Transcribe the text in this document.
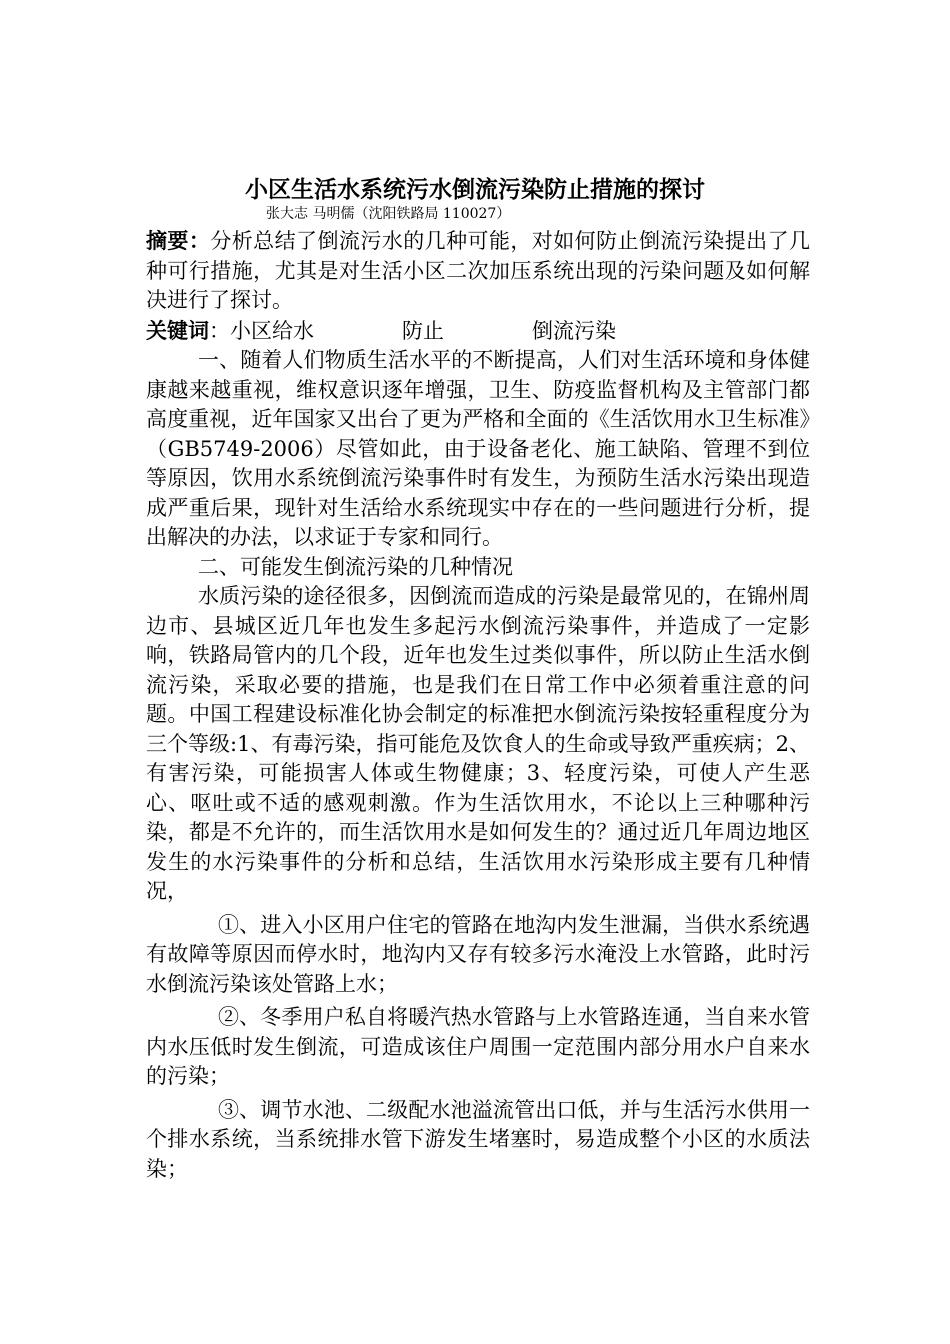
小区生活水系统污水倒流污染防止措施的探讨
张大志 马明儒（沈阳铁路局 110027）

摘要：分析总结了倒流污水的几种可能，对如何防止倒流污染提出了几种可行措施，尤其是对生活小区二次加压系统出现的污染问题及如何解决进行了探讨。

关键词：小区给水	防止	倒流污染

一、随着人们物质生活水平的不断提高，人们对生活环境和身体健康越来越重视，维权意识逐年增强，卫生、防疫监督机构及主管部门都高度重视，近年国家又出台了更为严格和全面的《生活饮用水卫生标准》（GB5749-2006）尽管如此，由于设备老化、施工缺陷、管理不到位等原因，饮用水系统倒流污染事件时有发生，为预防生活水污染出现造成严重后果，现针对生活给水系统现实中存在的一些问题进行分析，提出解决的办法，以求证于专家和同行。

二、可能发生倒流污染的几种情况

水质污染的途径很多，因倒流而造成的污染是最常见的，在锦州周边市、县城区近几年也发生多起污水倒流污染事件，并造成了一定影响，铁路局管内的几个段，近年也发生过类似事件，所以防止生活水倒流污染，采取必要的措施，也是我们在日常工作中必须着重注意的问题。中国工程建设标准化协会制定的标准把水倒流污染按轻重程度分为三个等级:1、有毒污染，指可能危及饮食人的生命或导致严重疾病；2、有害污染，可能损害人体或生物健康；3、轻度污染，可使人产生恶心、呕吐或不适的感观刺激。作为生活饮用水，不论以上三种哪种污染，都是不允许的，而生活饮用水是如何发生的？通过近几年周边地区发生的水污染事件的分析和总结，生活饮用水污染形成主要有几种情况，

①、进入小区用户住宅的管路在地沟内发生泄漏，当供水系统遇有故障等原因而停水时，地沟内又存有较多污水淹没上水管路，此时污水倒流污染该处管路上水；

②、冬季用户私自将暖汽热水管路与上水管路连通，当自来水管内水压低时发生倒流，可造成该住户周围一定范围内部分用水户自来水的污染；

③、调节水池、二级配水池溢流管出口低，并与生活污水供用一个排水系统，当系统排水管下游发生堵塞时，易造成整个小区的水质法染；
